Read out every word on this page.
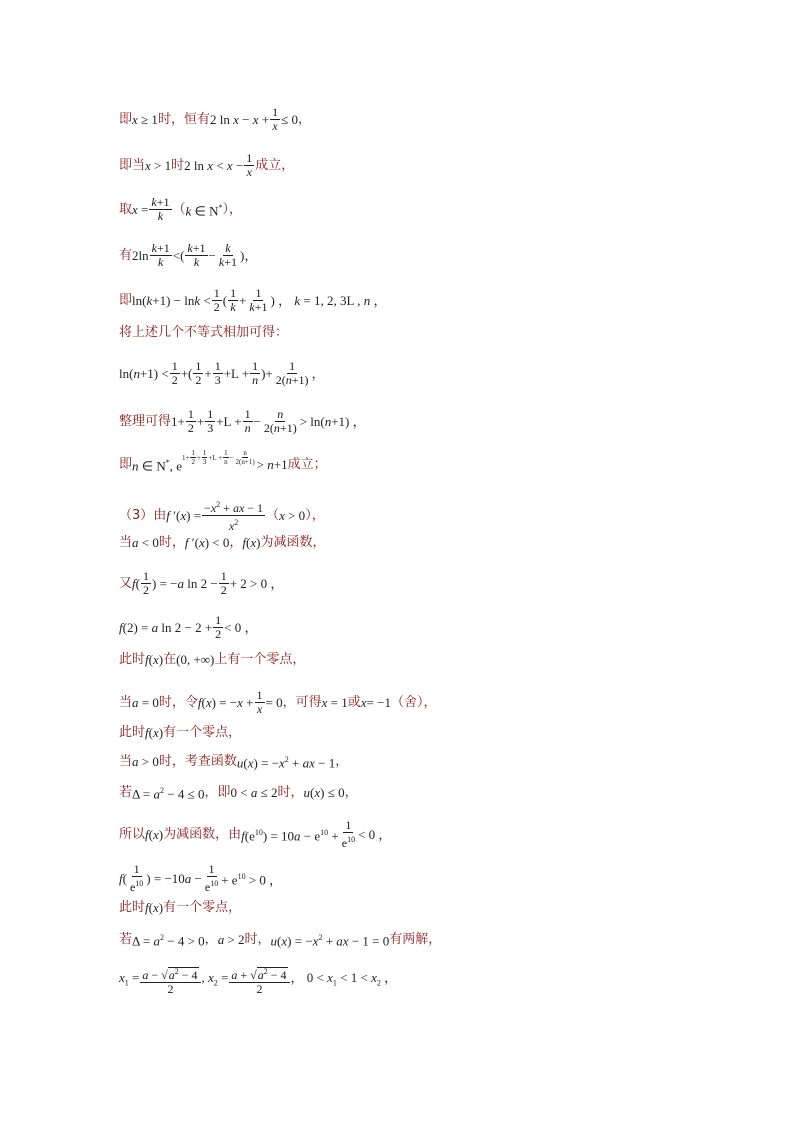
即 x ≥ 1 时，恒有 2 $\ln x - x + \frac{1}{x} \le 0$ ，
即当 x > 1 时 2 $\ln x < x - \frac{1}{x}$ 成立，
取 $x = \frac{k+1}{k}$ （ k ∈ N* ），
有 $2\ln \frac{k+1}{k}$ <( $\frac{k+1}{k} - \frac{k}{k+1}$ )，
即 $\ln(k+1) - \ln k < \frac{1}{2}$ ( $\frac{1}{k} + \frac{1}{k+1}$ ) ， k = 1, 2, 3L , n ，
将上述几个不等式相加可得：
$\ln(n+1) < \frac{1}{2}$ +( $\frac{1}{2} + \frac{1}{3} +L + \frac{1}{n}$ )+ $\frac{1}{2(n+1)}$ ，
整理可得 $1+ \frac{1}{2} + \frac{1}{3} +L + \frac{1}{n} - \frac{n}{2(n+1)} > \ln(n+1)$ ，
即 n ∈ N*, e
$1+ \frac{1}{2} + \frac{1}{3} +L + \frac{1}{n} - \frac{n}{2(n+1)} > n+1$ 成立；
（3）由 f $'(x) = \frac{-x^2 + ax - 1}{x^2}$ （ x > 0 ），
当 a < 0 时， f ′(x) < 0 ， f(x) 为减函数，
又 $f( \frac{1}{2}$ ) = −a $\ln 2 - \frac{1}{2} + 2 > 0$ ，
f(2) = a $\ln 2 - 2 + \frac{1}{2} < 0$ ，
此时 f(x) 在 (0, +∞) 上有一个零点，
当 a = 0 时，令 $f(x) = -x + \frac{1}{x} = 0$ ，可得 x = 1 或 x= −1 （舍），
此时 f(x) 有一个零点，
当 a > 0 时，考查函数 $u(x) = -x^2$ + ax − 1 ，
若 $\Delta = a^2 - 4 \le 0$ ，即 0 < a ≤ 2 时， u(x) ≤ 0 ，
所以 f(x) 为减函数，由 $f(e^{10}) = 10a - e^{10} + \frac{1}{e^{10}} < 0$ ，
$f( \frac{1}{e^{10}}$ ) = $-10a - \frac{1}{e^{10}} + e^{10} > 0$ ，
此时 f(x) 有一个零点，
若 $\Delta = a^2 - 4 > 0$ ， a > 2 时， $u(x) = -x^2$ + ax − 1 = 0 有两解，
$x_1 = \frac{a - √a^2 - 4}{2}$ , $x_2 = \frac{a + √a^2 - 4}{2}$ ， $0 < x_1 < 1 < x_2$ ，
